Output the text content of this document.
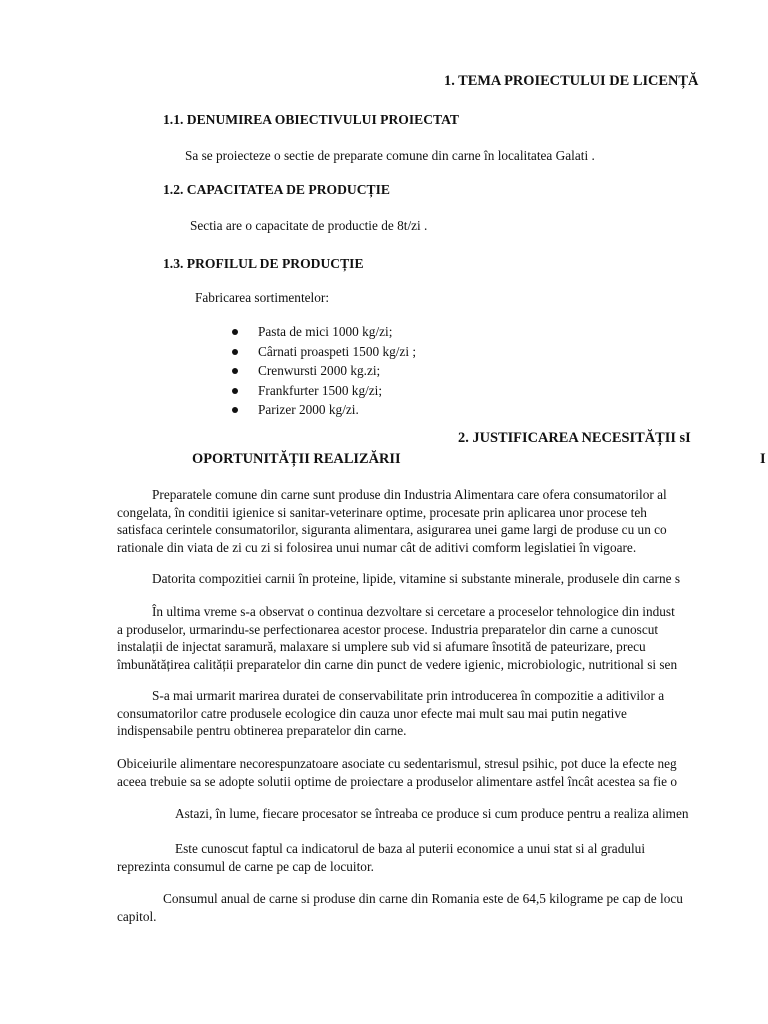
1. TEMA PROIECTULUI DE LICENȚĂ
1.1. DENUMIREA OBIECTIVULUI PROIECTAT
Sa se proiecteze o sectie de preparate comune din carne în localitatea Galati .
1.2. CAPACITATEA DE PRODUCȚIE
Sectia are o capacitate de productie de 8t/zi .
1.3. PROFILUL DE PRODUCȚIE
Fabricarea sortimentelor:
Pasta de mici 1000 kg/zi;
Cârnati proaspeti 1500 kg/zi ;
Crenwursti 2000 kg.zi;
Frankfurter 1500 kg/zi;
Parizer 2000 kg/zi.
2. JUSTIFICAREA NECESITĂȚII sI
OPORTUNITĂȚII REALIZĂRII	I
Preparatele comune din carne sunt produse din Industria Alimentara care ofera consumatorilor al
congelata, în conditii igienice si sanitar-veterinare optime, procesate prin aplicarea unor procese teh
satisfaca cerintele consumatorilor, siguranta alimentara, asigurarea unei game largi de produse cu un co
rationale din viata de zi cu zi si folosirea unui numar cât de aditivi comform legislatiei în vigoare.
Datorita compozitiei carnii în proteine, lipide, vitamine si substante minerale, produsele din carne s
În ultima vreme s-a observat o continua dezvoltare si cercetare a proceselor tehnologice din indust
a produselor, urmarindu-se perfectionarea acestor procese. Industria preparatelor din carne a cunoscut
instalații de injectat saramură, malaxare si umplere sub vid si afumare însotită de pateurizare, precu
îmbunătățirea calității preparatelor din carne din punct de vedere igienic, microbiologic, nutritional si sen
S-a mai urmarit marirea duratei de conservabilitate prin introducerea în compozitie a aditivilor a
consumatorilor catre produsele ecologice din cauza unor efecte mai mult sau mai putin negative
indispensabile pentru obtinerea preparatelor din carne.
Obiceiurile alimentare necorespunzatoare asociate cu sedentarismul, stresul psihic, pot duce la efecte neg
aceea trebuie sa se adopte solutii optime de proiectare a produselor alimentare astfel încât acestea sa fie o
Astazi, în lume, fiecare procesator se întreaba ce produce si cum produce pentru a realiza alimen
Este cunoscut faptul ca indicatorul de baza al puterii economice a unui stat si al gradului
reprezinta consumul de carne pe cap de locuitor.
Consumul anual de carne si produse din carne din Romania este de 64,5 kilograme pe cap de locu
capitol.
